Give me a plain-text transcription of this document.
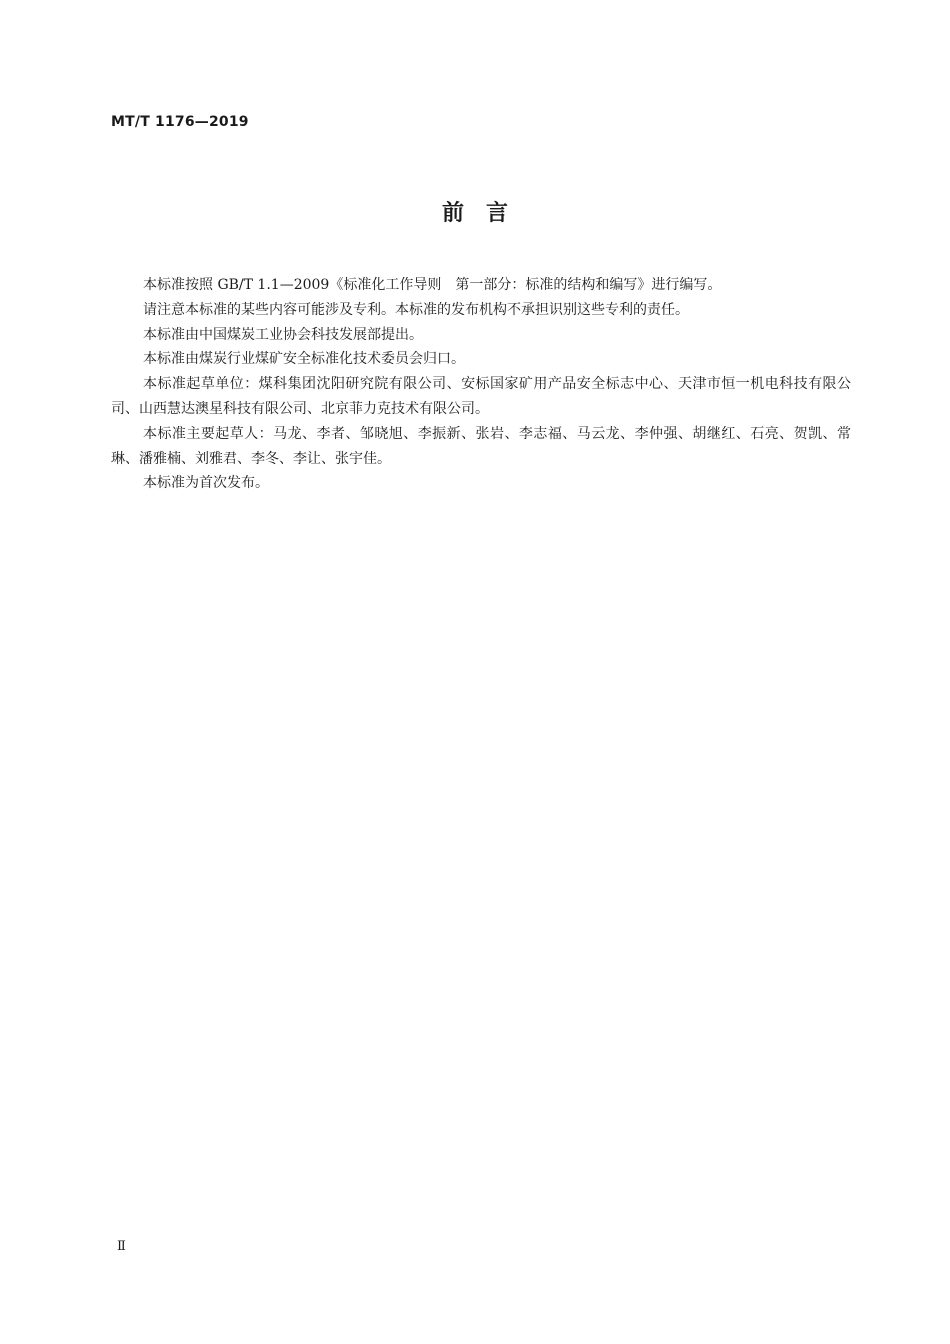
MT/T 1176—2019
前　言

本标准按照 GB/T 1.1—2009《标准化工作导则　第一部分：标准的结构和编写》进行编写。

请注意本标准的某些内容可能涉及专利。本标准的发布机构不承担识别这些专利的责任。

本标准由中国煤炭工业协会科技发展部提出。

本标准由煤炭行业煤矿安全标准化技术委员会归口。

本标准起草单位：煤科集团沈阳研究院有限公司、安标国家矿用产品安全标志中心、天津市恒一机电科技有限公司、山西慧达澳星科技有限公司、北京菲力克技术有限公司。

本标准主要起草人：马龙、李者、邹晓旭、李振新、张岩、李志福、马云龙、李仲强、胡继红、石亮、贺凯、常琳、潘雅楠、刘雅君、李冬、李让、张宇佳。

本标准为首次发布。

Ⅱ
